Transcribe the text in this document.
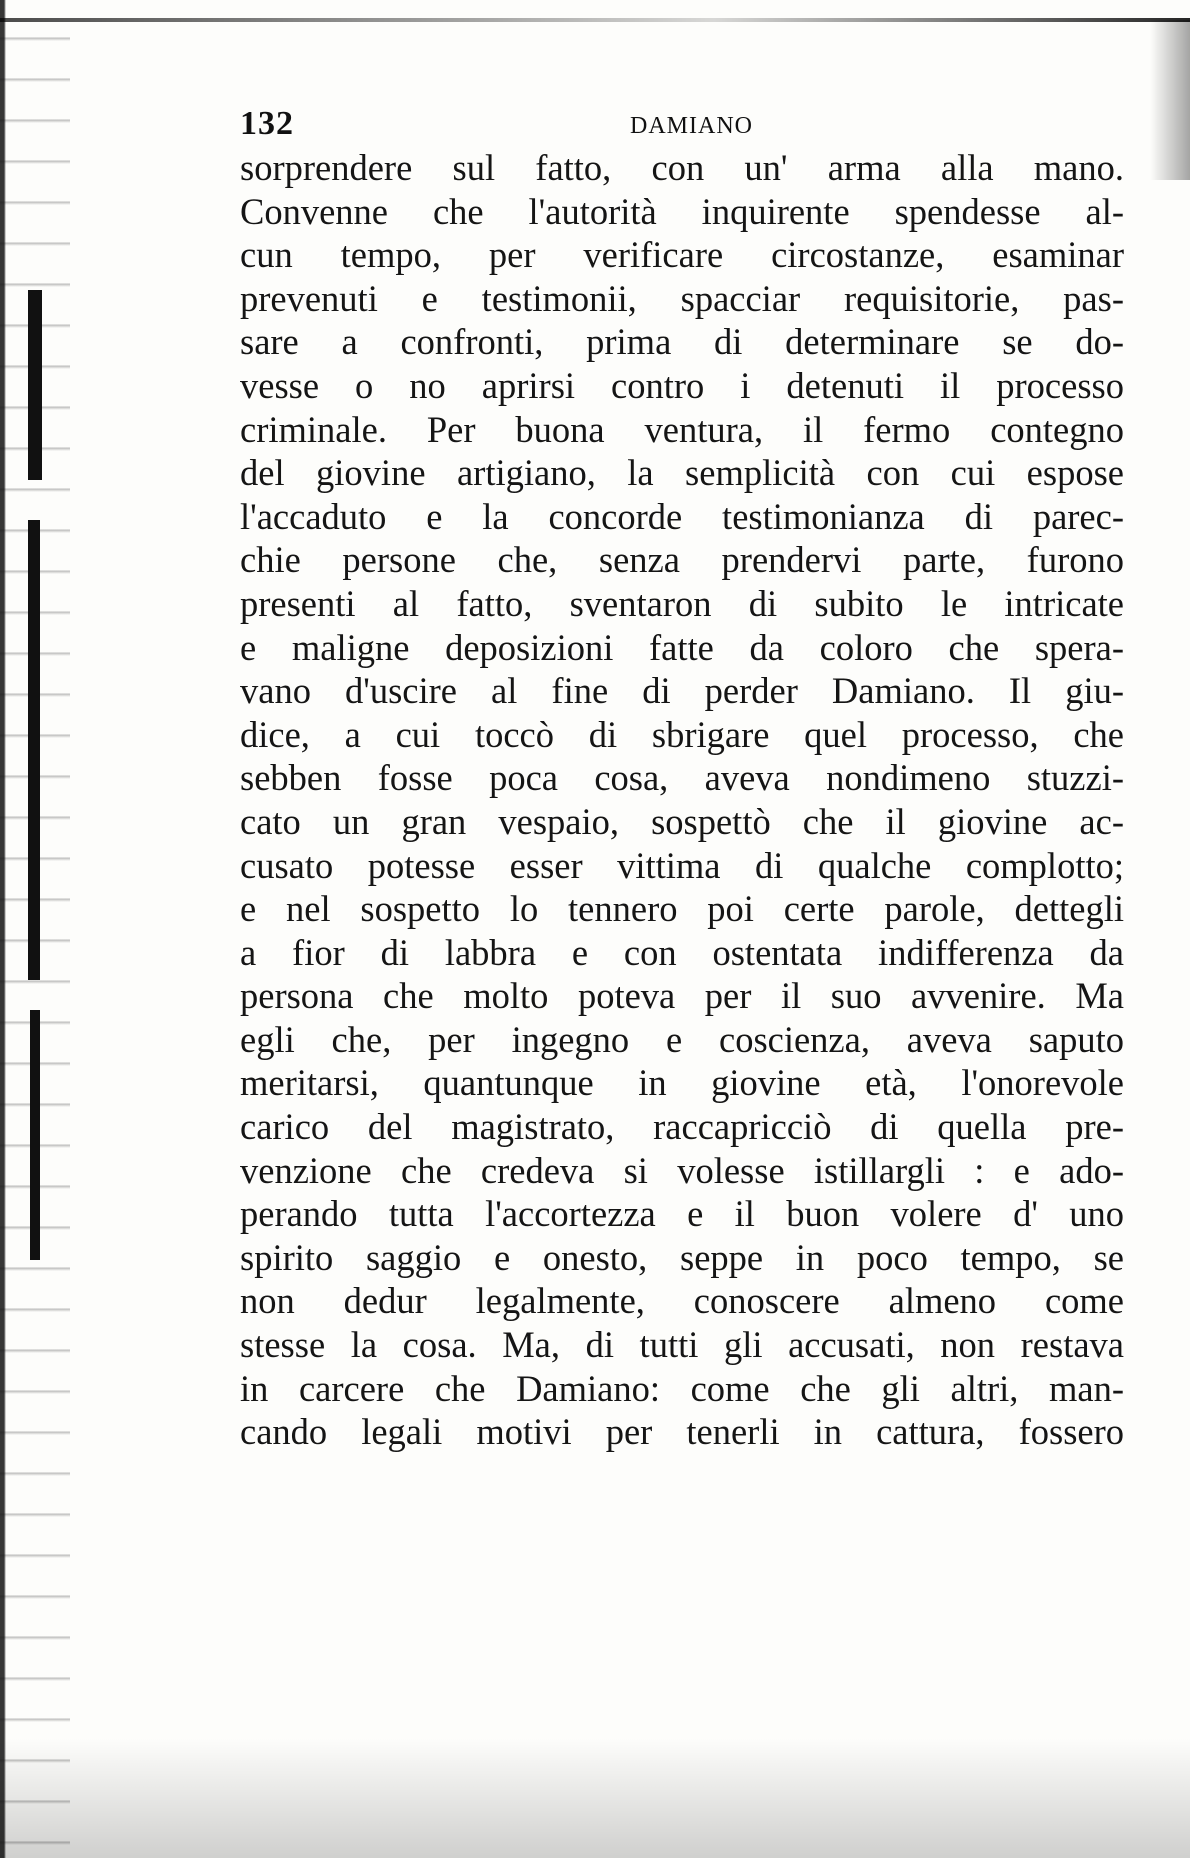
132	DAMIANO
sorprendere sul fatto, con un' arma alla mano.
Convenne che l'autorità inquirente spendesse al-
cun tempo, per verificare circostanze, esaminar
prevenuti e testimonii, spacciar requisitorie, pas-
sare a confronti, prima di determinare se do-
vesse o no aprirsi contro i detenuti il processo
criminale. Per buona ventura, il fermo contegno
del giovine artigiano, la semplicità con cui espose
l'accaduto e la concorde testimonianza di parec-
chie persone che, senza prendervi parte, furono
presenti al fatto, sventaron di subito le intricate
e maligne deposizioni fatte da coloro che spera-
vano d'uscire al fine di perder Damiano. Il giu-
dice, a cui toccò di sbrigare quel processo, che
sebben fosse poca cosa, aveva nondimeno stuzzi-
cato un gran vespaio, sospettò che il giovine ac-
cusato potesse esser vittima di qualche complotto;
e nel sospetto lo tennero poi certe parole, dettegli
a fior di labbra e con ostentata indifferenza da
persona che molto poteva per il suo avvenire. Ma
egli che, per ingegno e coscienza, aveva saputo
meritarsi, quantunque in giovine età, l'onorevole
carico del magistrato, raccapricciò di quella pre-
venzione che credeva si volesse istillargli : e ado-
perando tutta l'accortezza e il buon volere d' uno
spirito saggio e onesto, seppe in poco tempo, se
non dedur legalmente, conoscere almeno come
stesse la cosa. Ma, di tutti gli accusati, non restava
in carcere che Damiano: come che gli altri, man-
cando legali motivi per tenerli in cattura, fossero
